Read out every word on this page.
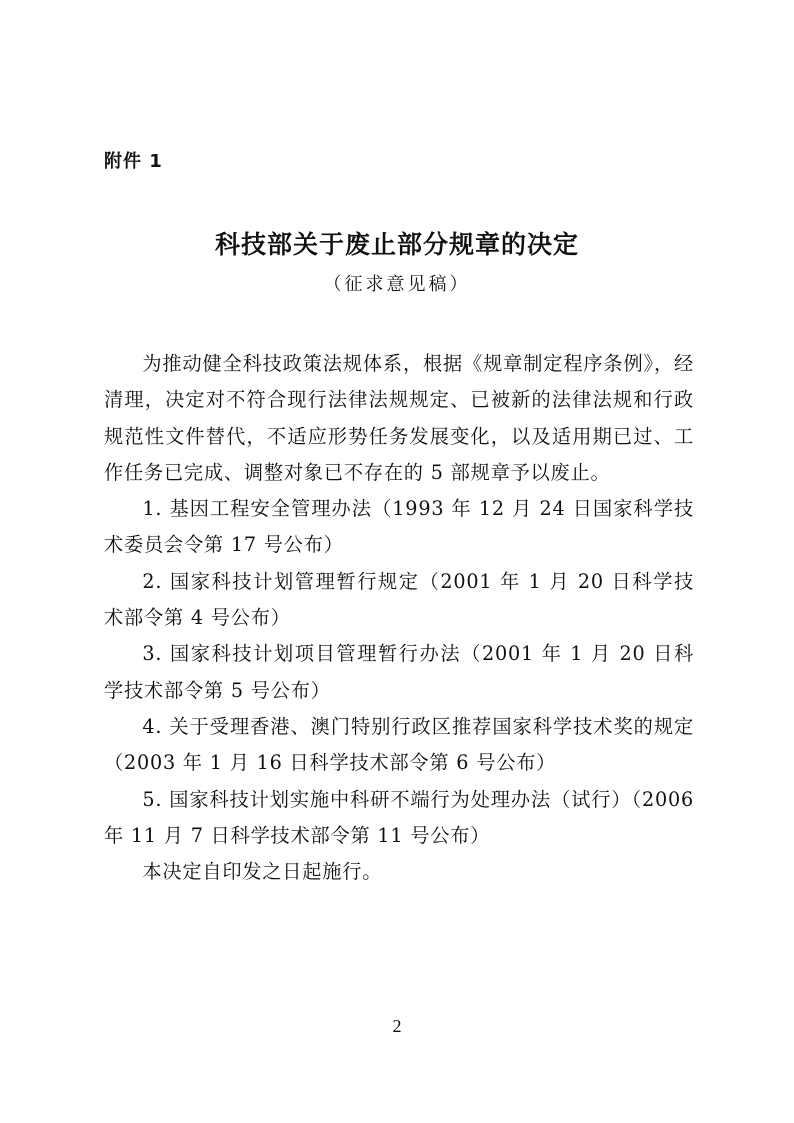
附件 1
科技部关于废止部分规章的决定
（征求意见稿）

为推动健全科技政策法规体系，根据《规章制定程序条例》，经清理，决定对不符合现行法律法规规定、已被新的法律法规和行政规范性文件替代，不适应形势任务发展变化，以及适用期已过、工作任务已完成、调整对象已不存在的 5 部规章予以废止。

1. 基因工程安全管理办法（1993 年 12 月 24 日国家科学技术委员会令第 17 号公布）

2. 国家科技计划管理暂行规定（2001 年 1 月 20 日科学技术部令第 4 号公布）

3. 国家科技计划项目管理暂行办法（2001 年 1 月 20 日科学技术部令第 5 号公布）

4. 关于受理香港、澳门特别行政区推荐国家科学技术奖的规定（2003 年 1 月 16 日科学技术部令第 6 号公布）

5. 国家科技计划实施中科研不端行为处理办法（试行）（2006 年 11 月 7 日科学技术部令第 11 号公布）

本决定自印发之日起施行。

2
